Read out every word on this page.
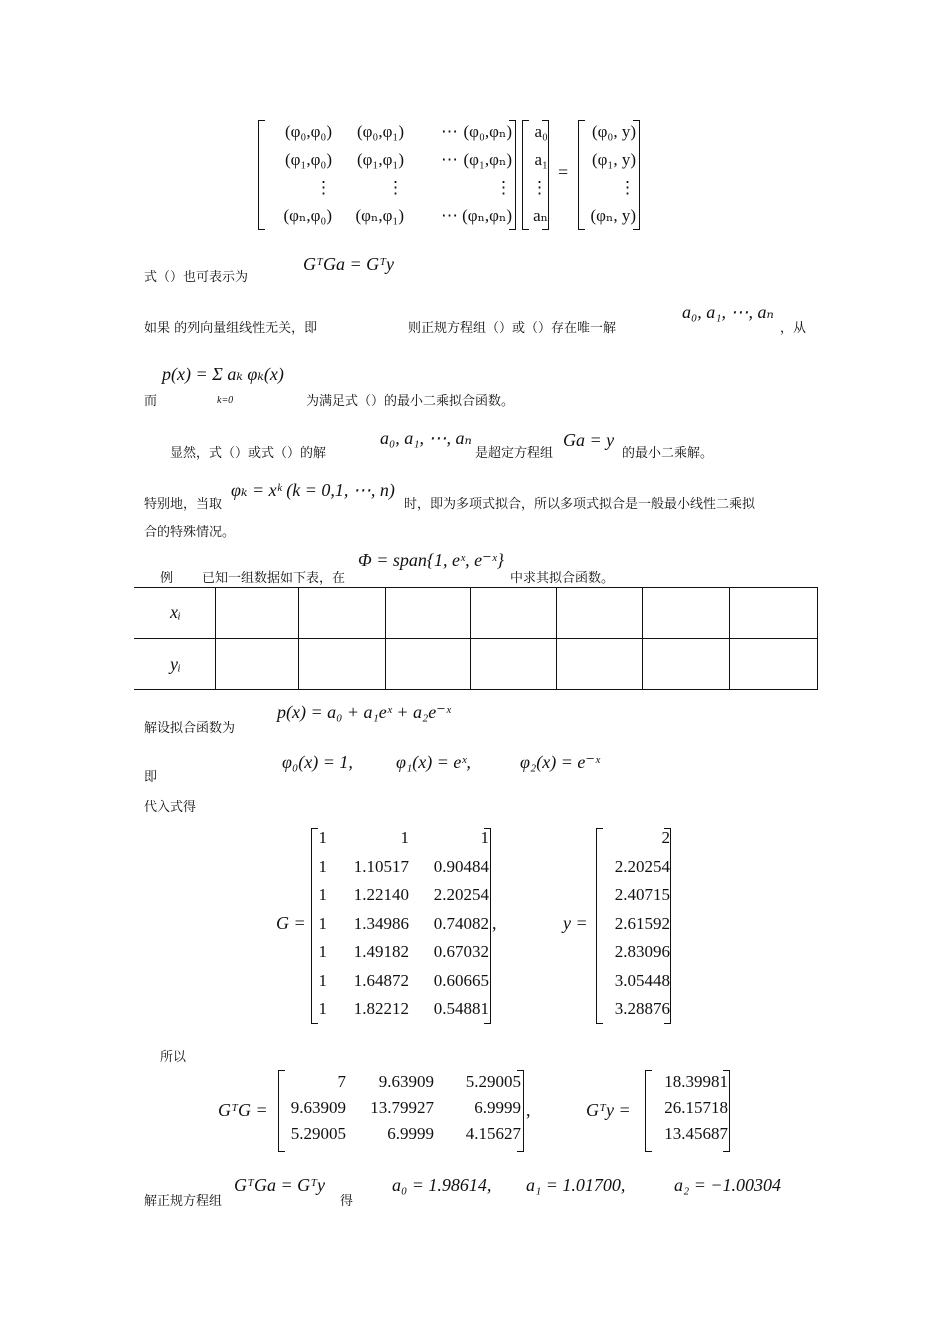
(φ₀,φ₀) (φ₀,φ₁) ⋯ (φ₀,φₙ)
(φ₁,φ₀) (φ₁,φ₁) ⋯ (φ₁,φₙ)
⋮	⋮	⋮
(φₙ,φ₀) (φₙ,φ₁) ⋯ (φₙ,φₙ)
a₀
a₁
⋮
aₙ
=
(φ₀, y)
(φ₁, y)
⋮
(φₙ, y)
式（）也可表示为
GᵀGa = Gᵀy
如果 的列向量组线性无关，即	则正规方程组（）或（）存在唯一解
a₀, a₁, ⋯, aₙ
，从
p(x) = Σ aₖ φₖ(x)
k=0
而	为满足式（）的最小二乘拟合函数。
显然，式（）或式（）的解
a₀, a₁, ⋯, aₙ
是超定方程组
Ga = y
的最小二乘解。
特别地，当取
φₖ = xᵏ (k = 0,1, ⋯, n)
时，即为多项式拟合，所以多项式拟合是一般最小线性二乘拟
合的特殊情况。
例 已知一组数据如下表，在
Φ = span{1, eˣ, e⁻ˣ}
中求其拟合函数。
xᵢ
yᵢ
解设拟合函数为
p(x) = a₀ + a₁eˣ + a₂e⁻ˣ
即
φ₀(x) = 1, φ₁(x) = eˣ,	φ₂(x) = e⁻ˣ
代入式得
G =
1	1	1
1 1.10517 0.90484
1 1.22140 2.20254
1 1.34986 0.74082
1 1.49182 0.67032
1 1.64872 0.60665
1 1.82212 0.54881
,	y =
2
2.20254
2.40715
2.61592
2.83096
3.05448
3.28876
所以
GᵀG =
7 9.63909 5.29005
9.63909 13.79927 6.9999
5.29005 6.9999 4.15627
,	Gᵀy =
18.39981
26.15718
13.45687
解正规方程组
GᵀGa = Gᵀy
得
a₀ = 1.98614, a₁ = 1.01700,	a₂ = −1.00304
